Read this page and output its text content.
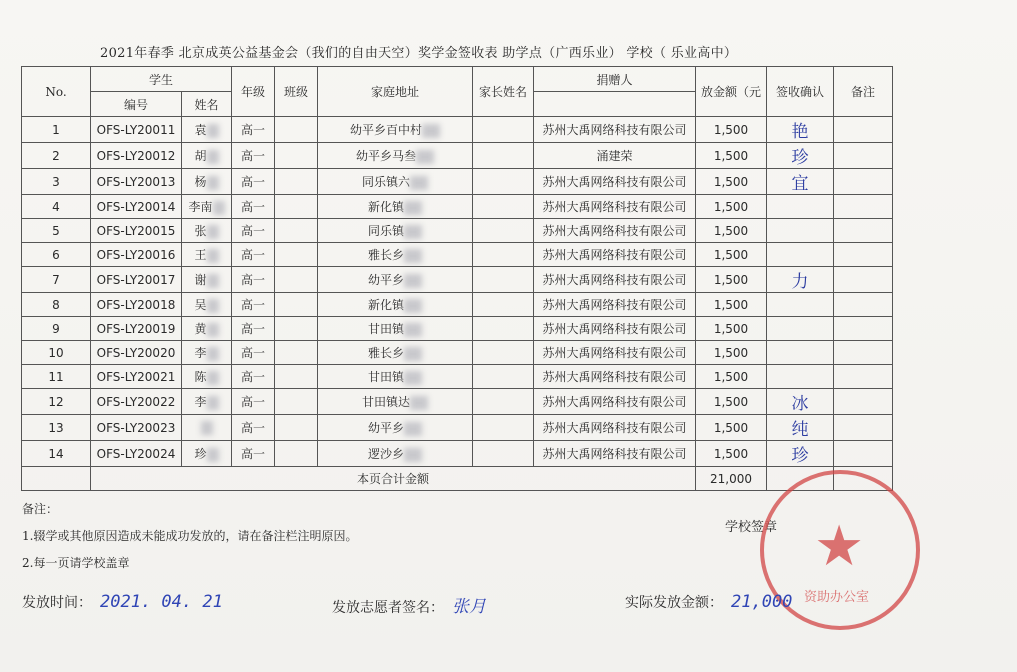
2021年春季 北京成英公益基金会（我们的自由天空）奖学金签收表 助学点（广西乐业） 学校（ 乐业高中）
No.	学生		年级	班级	家庭地址	家长姓名	捐赠人	放金额（元	签收确认	备注
	编号	姓名								
1	OFS-LY20011	袁	高一		幼平乡百中村		苏州大禹网络科技有限公司	1,500	艳	
2	OFS-LY20012	胡	高一		幼平乡马叁		涌建荣	1,500	珍	
3	OFS-LY20013	杨	高一		同乐镇六		苏州大禹网络科技有限公司	1,500	宜	
4	OFS-LY20014	李南	高一		新化镇		苏州大禹网络科技有限公司	1,500		
5	OFS-LY20015	张	高一		同乐镇		苏州大禹网络科技有限公司	1,500		
6	OFS-LY20016	王	高一		雅长乡		苏州大禹网络科技有限公司	1,500		
7	OFS-LY20017	谢	高一		幼平乡		苏州大禹网络科技有限公司	1,500	力	
8	OFS-LY20018	吴	高一		新化镇		苏州大禹网络科技有限公司	1,500		
9	OFS-LY20019	黄	高一		甘田镇		苏州大禹网络科技有限公司	1,500		
10	OFS-LY20020	李	高一		雅长乡		苏州大禹网络科技有限公司	1,500		
11	OFS-LY20021	陈	高一		甘田镇		苏州大禹网络科技有限公司	1,500		
12	OFS-LY20022	李	高一		甘田镇达		苏州大禹网络科技有限公司	1,500	冰	
13	OFS-LY20023		高一		幼平乡		苏州大禹网络科技有限公司	1,500	纯	
14	OFS-LY20024	珍	高一		逻沙乡		苏州大禹网络科技有限公司	1,500	珍	
	本页合计金额							21,000		
备注：
1.辍学或其他原因造成未能成功发放的，请在备注栏注明原因。
2.每一页请学校盖章
学校签章 ★
资助办公室
发放时间： 2021. 04. 21	发放志愿者签名： 张月	实际发放金额： 21,000
